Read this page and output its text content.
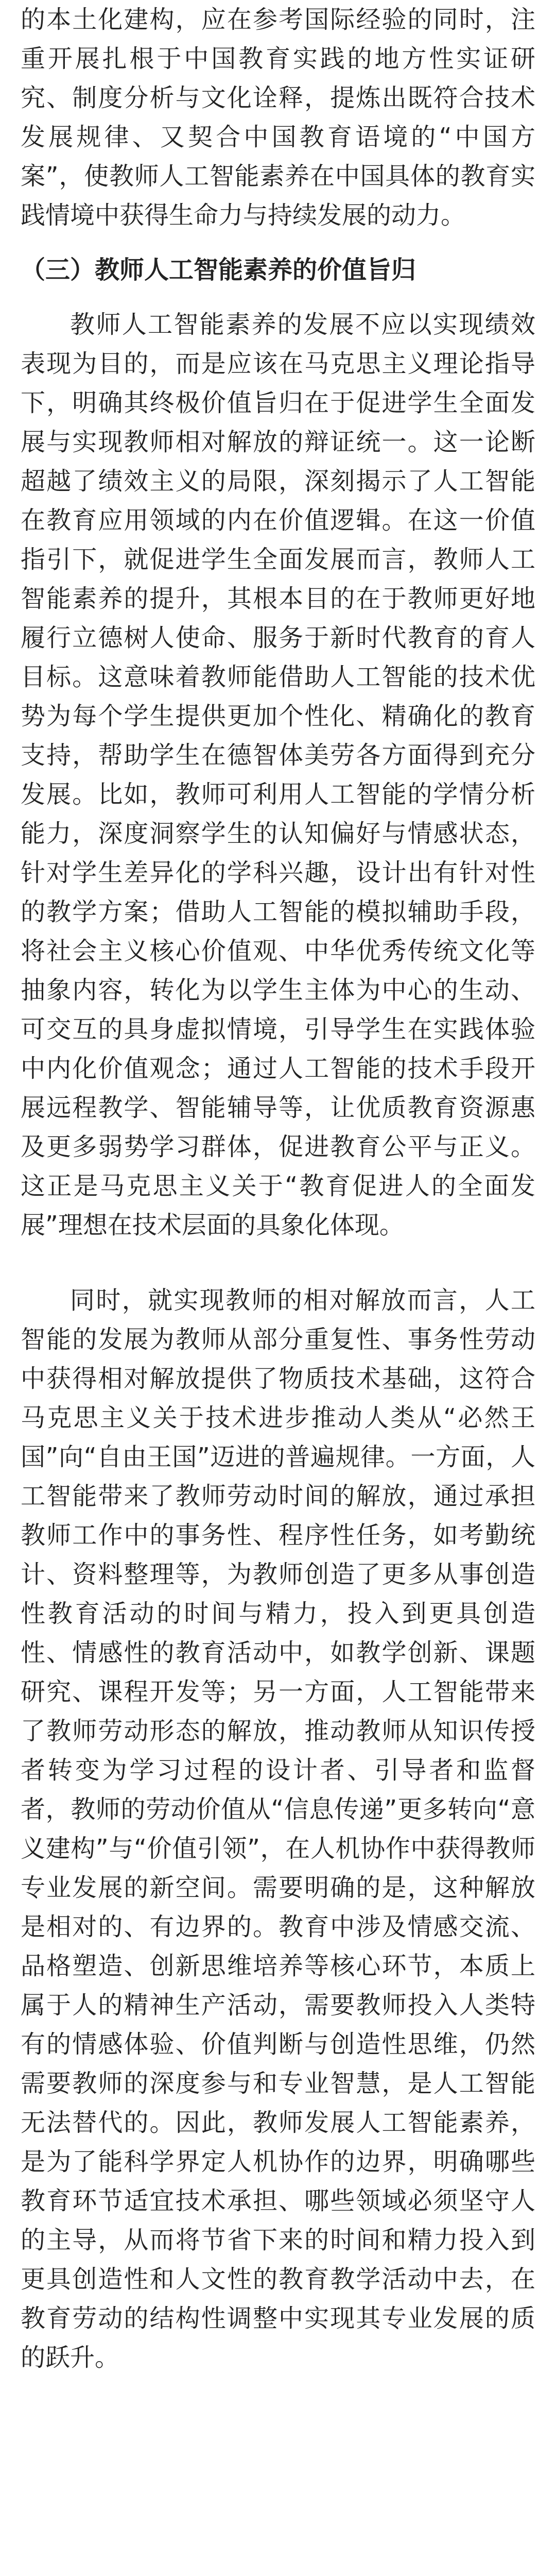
的本土化建构，应在参考国际经验的同时，注重开展扎根于中国教育实践的地方性实证研究、制度分析与文化诠释，提炼出既符合技术发展规律、又契合中国教育语境的“中国方案”，使教师人工智能素养在中国具体的教育实践情境中获得生命力与持续发展的动力。

（三）教师人工智能素养的价值旨归

教师人工智能素养的发展不应以实现绩效表现为目的，而是应该在马克思主义理论指导下，明确其终极价值旨归在于促进学生全面发展与实现教师相对解放的辩证统一。这一论断超越了绩效主义的局限，深刻揭示了人工智能在教育应用领域的内在价值逻辑。在这一价值指引下，就促进学生全面发展而言，教师人工智能素养的提升，其根本目的在于教师更好地履行立德树人使命、服务于新时代教育的育人目标。这意味着教师能借助人工智能的技术优势为每个学生提供更加个性化、精确化的教育支持，帮助学生在德智体美劳各方面得到充分发展。比如，教师可利用人工智能的学情分析能力，深度洞察学生的认知偏好与情感状态，针对学生差异化的学科兴趣，设计出有针对性的教学方案；借助人工智能的模拟辅助手段，将社会主义核心价值观、中华优秀传统文化等抽象内容，转化为以学生主体为中心的生动、可交互的具身虚拟情境，引导学生在实践体验中内化价值观念；通过人工智能的技术手段开展远程教学、智能辅导等，让优质教育资源惠及更多弱势学习群体，促进教育公平与正义。这正是马克思主义关于“教育促进人的全面发展”理想在技术层面的具象化体现。

同时，就实现教师的相对解放而言，人工智能的发展为教师从部分重复性、事务性劳动中获得相对解放提供了物质技术基础，这符合马克思主义关于技术进步推动人类从“必然王国”向“自由王国”迈进的普遍规律。一方面，人工智能带来了教师劳动时间的解放，通过承担教师工作中的事务性、程序性任务，如考勤统计、资料整理等，为教师创造了更多从事创造性教育活动的时间与精力，投入到更具创造性、情感性的教育活动中，如教学创新、课题研究、课程开发等；另一方面，人工智能带来了教师劳动形态的解放，推动教师从知识传授者转变为学习过程的设计者、引导者和监督者，教师的劳动价值从“信息传递”更多转向“意义建构”与“价值引领”，在人机协作中获得教师专业发展的新空间。需要明确的是，这种解放是相对的、有边界的。教育中涉及情感交流、品格塑造、创新思维培养等核心环节，本质上属于人的精神生产活动，需要教师投入人类特有的情感体验、价值判断与创造性思维，仍然需要教师的深度参与和专业智慧，是人工智能无法替代的。因此，教师发展人工智能素养，是为了能科学界定人机协作的边界，明确哪些教育环节适宜技术承担、哪些领域必须坚守人的主导，从而将节省下来的时间和精力投入到更具创造性和人文性的教育教学活动中去，在教育劳动的结构性调整中实现其专业发展的质的跃升。
